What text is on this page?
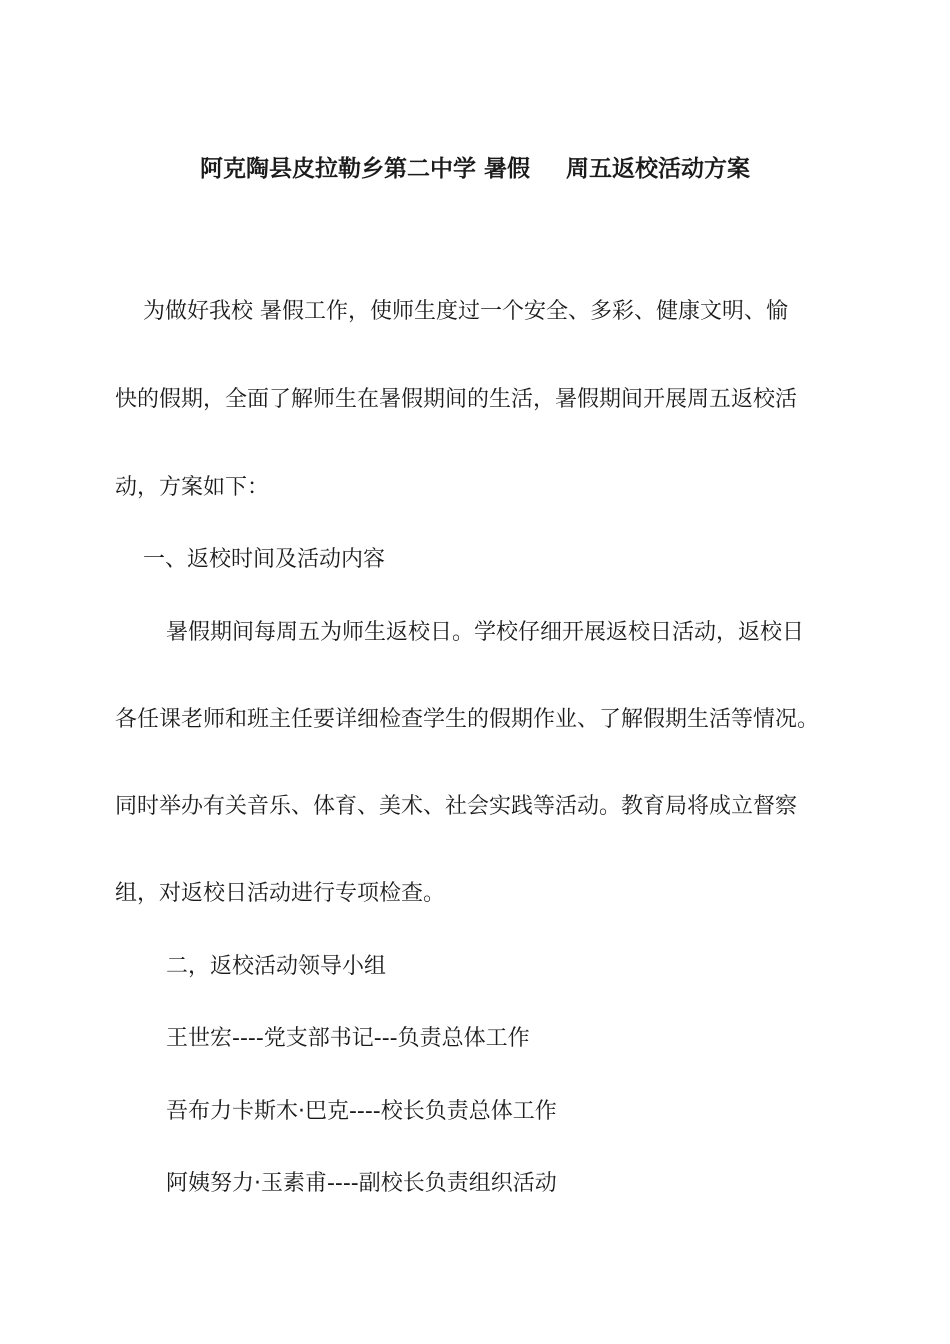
阿克陶县皮拉勒乡第二中学 暑假 周五返校活动方案
为做好我校 暑假工作，使师生度过一个安全、多彩、健康文明、愉
快的假期，全面了解师生在暑假期间的生活，暑假期间开展周五返校活
动，方案如下：
一、返校时间及活动内容
暑假期间每周五为师生返校日。学校仔细开展返校日活动，返校日
各任课老师和班主任要详细检查学生的假期作业、了解假期生活等情况。
同时举办有关音乐、体育、美术、社会实践等活动。教育局将成立督察
组，对返校日活动进行专项检查。
二，返校活动领导小组
王世宏----党支部书记---负责总体工作
吾布力卡斯木·巴克----校长负责总体工作
阿姨努力·玉素甫----副校长负责组织活动
